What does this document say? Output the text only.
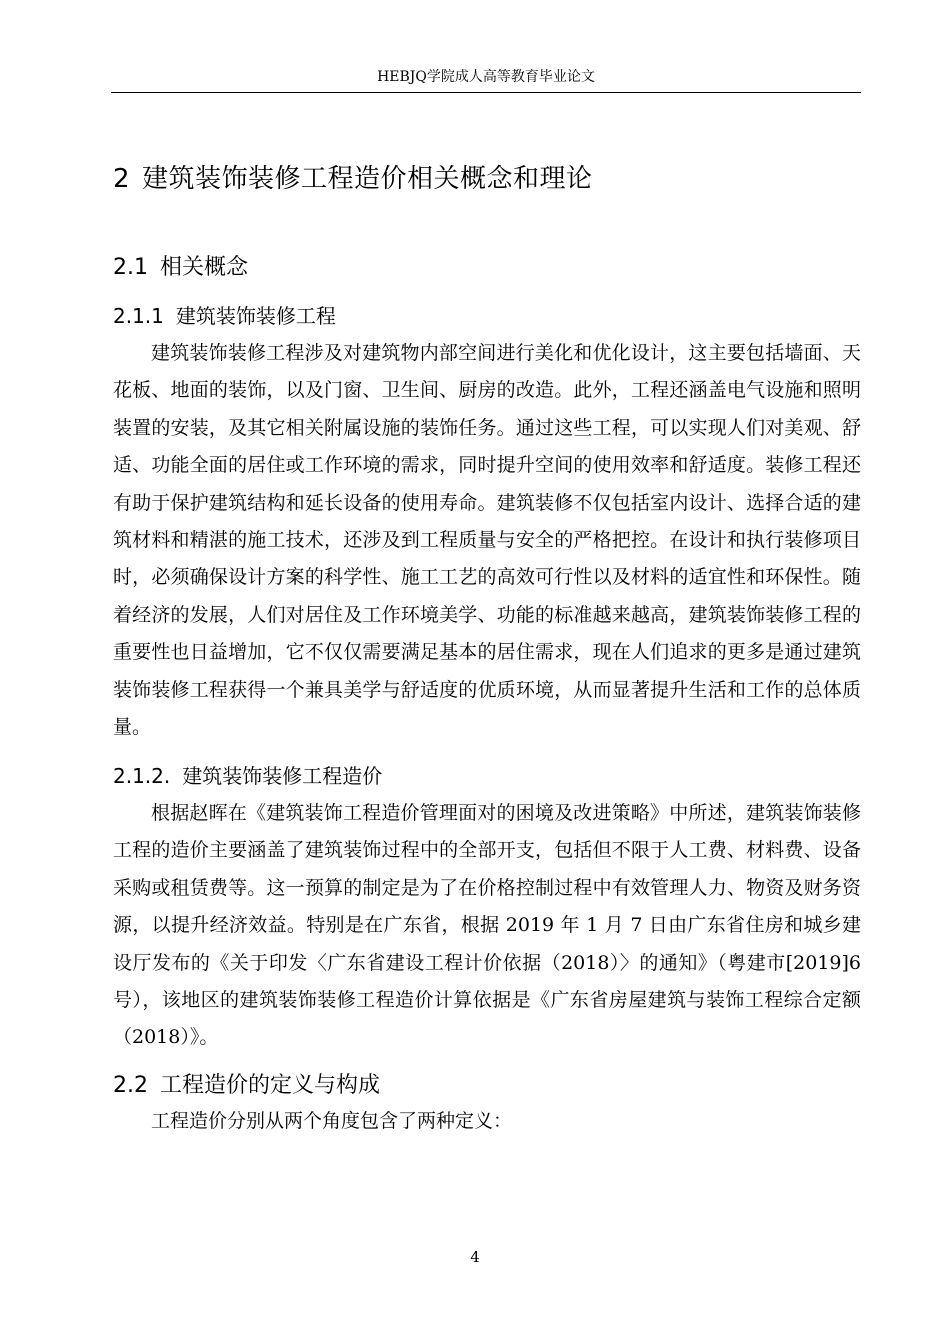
HEBJQ学院成人高等教育毕业论文
2 建筑装饰装修工程造价相关概念和理论
2.1 相关概念
2.1.1 建筑装饰装修工程

建筑装饰装修工程涉及对建筑物内部空间进行美化和优化设计，这主要包括墙面、天花板、地面的装饰，以及门窗、卫生间、厨房的改造。此外，工程还涵盖电气设施和照明装置的安装，及其它相关附属设施的装饰任务。通过这些工程，可以实现人们对美观、舒适、功能全面的居住或工作环境的需求，同时提升空间的使用效率和舒适度。装修工程还有助于保护建筑结构和延长设备的使用寿命。建筑装修不仅包括室内设计、选择合适的建筑材料和精湛的施工技术，还涉及到工程质量与安全的严格把控。在设计和执行装修项目时，必须确保设计方案的科学性、施工工艺的高效可行性以及材料的适宜性和环保性。随着经济的发展，人们对居住及工作环境美学、功能的标准越来越高，建筑装饰装修工程的重要性也日益增加，它不仅仅需要满足基本的居住需求，现在人们追求的更多是通过建筑装饰装修工程获得一个兼具美学与舒适度的优质环境，从而显著提升生活和工作的总体质量。

2.1.2. 建筑装饰装修工程造价

根据赵晖在《建筑装饰工程造价管理面对的困境及改进策略》中所述，建筑装饰装修工程的造价主要涵盖了建筑装饰过程中的全部开支，包括但不限于人工费、材料费、设备采购或租赁费等。这一预算的制定是为了在价格控制过程中有效管理人力、物资及财务资源，以提升经济效益。特别是在广东省，根据 2019 年 1 月 7 日由广东省住房和城乡建设厅发布的《关于印发〈广东省建设工程计价依据（2018）〉的通知》（粤建市[2019]6 号），该地区的建筑装饰装修工程造价计算依据是《广东省房屋建筑与装饰工程综合定额（2018）》。

2.2 工程造价的定义与构成

工程造价分别从两个角度包含了两种定义：

4
